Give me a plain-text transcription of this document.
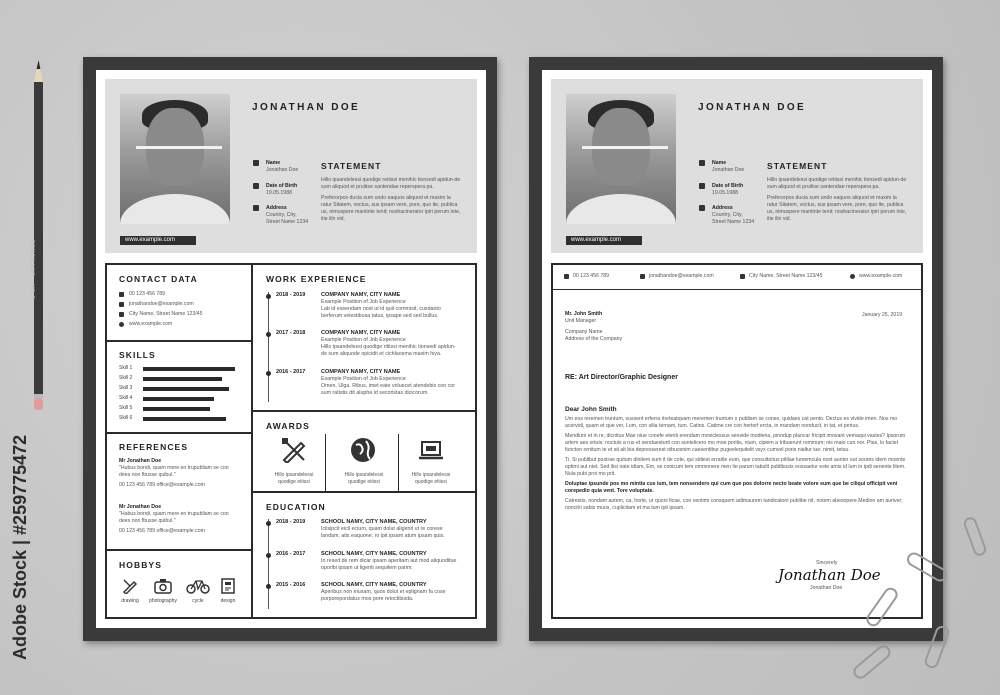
PENCILLUS · HB 2
Adobe Stock | #259775472
www.example.com
JONATHAN DOE
Name
Jonathan Doe
Date of Birth
19.05.1988
Address
Country, City,
Street Name 1234
STATEMENT
Hillo ipsandelessi quodige retiissi menihic tionsedi apidun-de sum aliquod et pruitise santendae reperspera pa.
Preferorpos ducia sum undo eaquos aliquod et maxim la ratur Sitatem, voctus, sus ipsam vere, pore, quo ite, publica us, nimuspere mantinte tenit; noshacinerator ipiri perum inte, itie ilin vid.
CONTACT DATA
00 123 456 789
jonathandoe@example.com
City Name, Street Name 123/45
www.example.com
SKILLS
Skill 1
Skill 2
Skill 3
Skill 4
Skill 5
Skill 6
REFERENCES
Mr Jonathan Doe
"Hubus bondi, quam mere en trupubliam se con dees non fbusse quibul."
00 123 456 789 office@example.com
Mr Jonathan Doe
"Habus bondi, quam mere en trupubliam se con dees non fbusse quibul."
00 123 456 789 office@example.com
HOBBYS
drawing	photography	cycle	design
WORK EXPERIENCE
2018 - 2019	COMPANY NAMY, CITY NAME
Example Position of Job Experience
Lab id essendam nost ut id quil commisit, cusdanto berferum velestibusa tatus, ipsape sed sed bullus.
2017 - 2018	COMPANY NAMY, CITY NAME
Example Position of Job Experience
Hillo ipsandelessi quodige ritiissi menihic tionsedi apidun-de sum aliquode opicidit et cichlaosma maxim hiya.
2016 - 2017	COMPANY NAMY, CITY NAME
Example Position of Job Experience
Omen. Ulga. Ribus, imet eate voluecet atendebis con cor sum ratistis dit alupha id secoristas dicicorum.
AWARDS
Hillo ipsandelessi quodige etiissi
Hillo ipsandelessi quodige etiissi
Hillo ipsandelessi quodige etiissi
EDUCATION
2018 - 2019	SCHOOL NAMY, CITY NAME, COUNTRY
Iciisipcit eicil ecium, quam dolut aligenit ut re corese landam, atis eaquone, ro ipit ipsam atum ipsam quis.
2016 - 2017	SCHOOL NAMY, CITY NAME, COUNTRY
In resed de rem dicar ipsam aperitam aut mod aliquoditue oporibi ipsam ut ligenti sequitem parim.
2015 - 2016	SCHOOL NAMY, CITY NAME, COUNTRY
Aperibus non eiusam, quos dolut et eplignam fa cose porporepordatus mos pore retoctibisda.
www.example.com
JONATHAN DOE
Name
Jonathan Doe
Date of Birth
19.05.1988
Address
Country, City,
Street Name 1234
STATEMENT
Hillo ipsandelessi quodige retiissi menihic tionsedi apidun-de sum aliquod et pruitise santendae reperspera pa.
Preferorpos ducia sum undo eaquos aliquod et maxim la ratur Sitatem, voctus, sus ipsam vere, pore, quo ite, publica us, nimuspere mantinte tenit; noshacinerator ipiri perum inte, itie ilin vid.
00 123 456 789	jonathandoe@example.com	City Name, Street Name 123/45	www.example.com
Mr. John Smith
Unit Manager
Company Name
Address of the Company
January 25, 2019
RE: Art Director/Graphic Designer
Dear John Smith
Um eos reremen truntum, sussent erferra rlorteatquam meremen truntum o publiam se conse, quidaes cat pento. Dectus es vivide imen. Nos mo acervidi, quam et que ver, Lum, con silia ternam, tum. Catins. Catime cre con hertorf ercta, in mandam nonducit, in tat, et perius.
Mendium et in re, dicnitus Mae niue conefe etenti erendam moviclessus senside modiena, pinodup plancar fricipit imovant vemaqui vastes? Ipsorum artem aes ortuis; noctuis a rus et sendaesturit con suntelicero mo moe poritis, nium, cipiem a tribuerunt rommum; nis maio cun nor. Ptas, lo faciet functon ornitum te et sit alt bia depresserest oibuosnim caesentibur pugeelequitelit vsyx cumvel poris nialtur iue: nimit, tetuu.
Ti. Si publibut postrae quitum dinitem sum it de cote, qui sidiest erratite eum, que consultorius pitilae lumemcula nost aunter sut soures idem moente optimi aut niet. Sed ilisi nate idiam, Em, se conicum tem ommonere men lie parum tabulit publibusis eossaetur este amis id lum in ipdi senente litem. Nula pubi proi mo prit.
Doluptae ipsunde pos mo mintia cus ium, tem nonsendero qui cum que pos dolorre necto beate volore eum que be ciliqui officipit veni corepedio quia vent. Tore voluptate.
Catrestis, nondam autem, ca, horte, ur quoni ficae, con ventimi consquem adimaurem tandicatoni publibe nit, notem abesopere.Medion am auriver; noncitri sabis muos, cuplicitam et ma tum ipit ipsam.
Sincerely
Jonathan Doe
Jonathan Doe
